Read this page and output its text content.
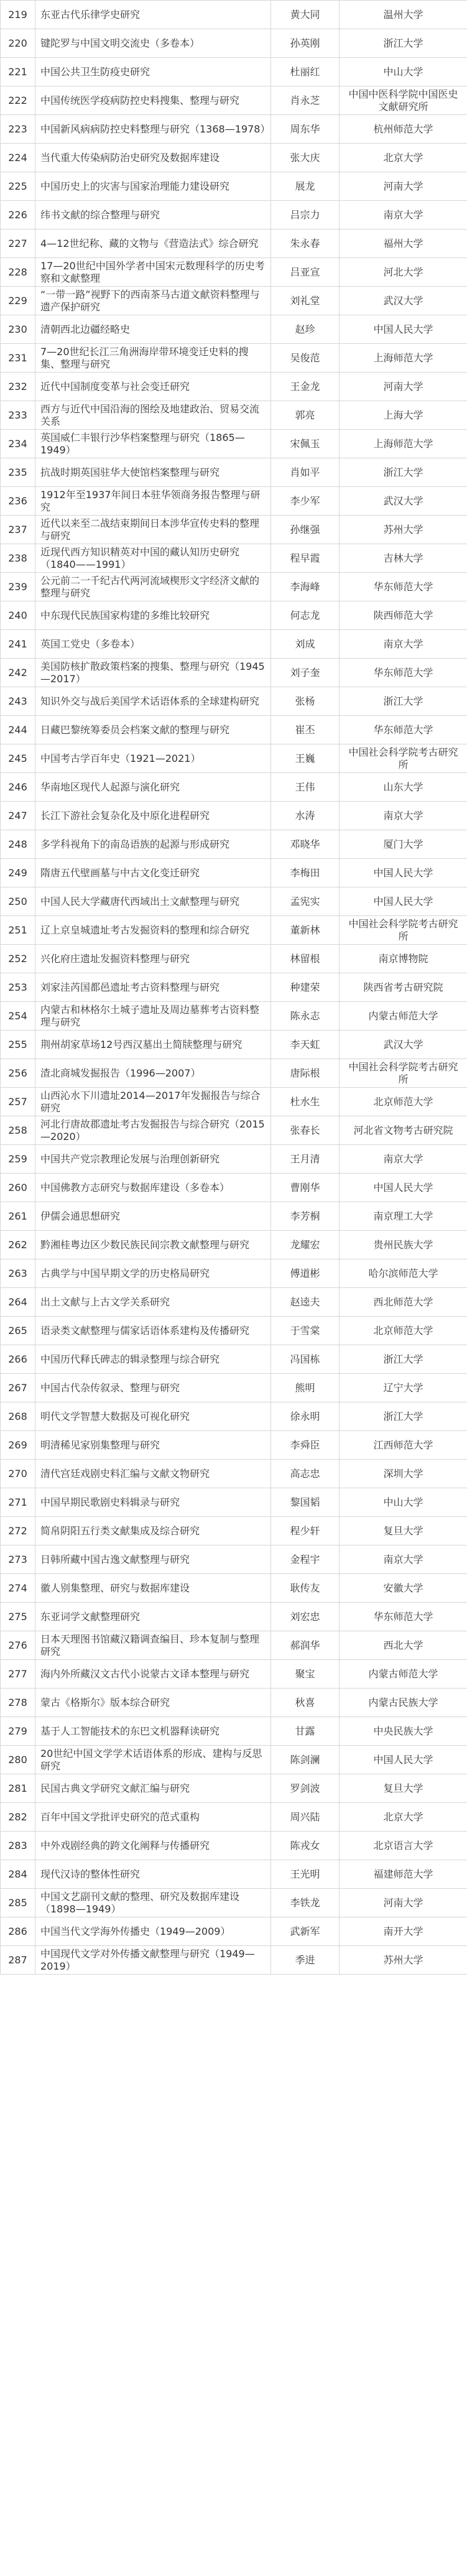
219	东亚古代乐律学史研究	黄大同	温州大学
220	键陀罗与中国文明交流史（多卷本）	孙英刚	浙江大学
221	中国公共卫生防疫史研究	杜丽红	中山大学
222	中国传统医学疫病防控史料搜集、整理与研究	肖永芝	中国中医科学院中国医史文献研究所
223	中国新风病病防控史料整理与研究（1368—1978）	周东华	杭州师范大学
224	当代重大传染病防治史研究及数据库建设	张大庆	北京大学
225	中国历史上的灾害与国家治理能力建设研究	展龙	河南大学
226	纬书文献的综合整理与研究	吕宗力	南京大学
227	4—12世纪称、藏的文物与《营造法式》综合研究	朱永春	福州大学
228	17—20世纪中国外学者中国宋元数理科学的历史考察和文献整理	吕亚宣	河北大学
229	“一带一路”视野下的西南茶马古道文献资料整理与遗产保护研究	刘礼堂	武汉大学
230	清朝西北边疆经略史	赵珍	中国人民大学
231	7—20世纪长江三角洲海岸带环境变迁史料的搜集、整理与研究	吴俊范	上海师范大学
232	近代中国制度变革与社会变迁研究	王金龙	河南大学
233	西方与近代中国沿海的图绘及地建政治、贸易交流关系	郭亮	上海大学
234	英国威仁丰银行沙华档案整理与研究（1865—1949）	宋佩玉	上海师范大学
235	抗战时期英国驻华大使馆档案整理与研究	肖如平	浙江大学
236	1912年至1937年间日本驻华领商务报告整理与研究	李少军	武汉大学
237	近代以来至二战结束期间日本涉华宣传史料的整理与研究	孙继强	苏州大学
238	近现代西方知识精英对中国的藏认知历史研究（1840——1991）	程早霞	吉林大学
239	公元前二一千纪古代两河流域楔形文字经济文献的整理与研究	李海峰	华东师范大学
240	中东现代民族国家构建的多维比较研究	何志龙	陕西师范大学
241	英国工党史（多卷本）	刘成	南京大学
242	美国防核扩散政策档案的搜集、整理与研究（1945—2017）	刘子奎	华东师范大学
243	知识外交与战后美国学术话语体系的全球建构研究	张杨	浙江大学
244	日藏巴黎统筹委员会档案文献的整理与研究	崔丕	华东师范大学
245	中国考古学百年史（1921—2021）	王巍	中国社会科学院考古研究所
246	华南地区现代人起源与演化研究	王伟	山东大学
247	长江下游社会复杂化及中原化进程研究	水涛	南京大学
248	多学科视角下的南岛语族的起源与形成研究	邓晓华	厦门大学
249	隋唐五代壁画墓与中古文化变迁研究	李梅田	中国人民大学
250	中国人民大学藏唐代西域出土文献整理与研究	孟宪实	中国人民大学
251	辽上京皇城遗址考古发掘资料的整理和综合研究	董新林	中国社会科学院考古研究所
252	兴化府庄遗址发掘资料整理与研究	林留根	南京博物院
253	刘家洼芮国都邑遗址考古资料整理与研究	种建荣	陕西省考古研究院
254	内蒙古和林格尔土城子遗址及周边墓葬考古资料整理与研究	陈永志	内蒙古师范大学
255	荆州胡家草场12号西汉墓出土简牍整理与研究	李天虹	武汉大学
256	渣北商城发掘报告（1996—2007）	唐际根	中国社会科学院考古研究所
257	山西沁水下川遗址2014—2017年发掘报告与综合研究	杜水生	北京师范大学
258	河北行唐故郡遗址考古发掘报告与综合研究（2015—2020）	张春长	河北省文物考古研究院
259	中国共产党宗教理论发展与治理创新研究	王月清	南京大学
260	中国佛教方志研究与数据库建设（多卷本）	曹刚华	中国人民大学
261	伊儒会通思想研究	李芳桐	南京理工大学
262	黔湘桂粤边区少数民族民间宗教文献整理与研究	龙耀宏	贵州民族大学
263	古典学与中国早期文学的历史格局研究	傅道彬	哈尔滨师范大学
264	出土文献与上古文学关系研究	赵逵夫	西北师范大学
265	语录类文献整理与儒家话语体系建构及传播研究	于雪棠	北京师范大学
266	中国历代释氏碑志的辑录整理与综合研究	冯国栋	浙江大学
267	中国古代杂传叙录、整理与研究	熊明	辽宁大学
268	明代文学智慧大数据及可视化研究	徐永明	浙江大学
269	明清稀见家别集整理与研究	李舜臣	江西师范大学
270	清代宫廷戏剧史料汇编与文献文物研究	高志忠	深圳大学
271	中国早期民歌剧史料辑录与研究	黎国韬	中山大学
272	简帛阴阳五行类文献集成及综合研究	程少轩	复旦大学
273	日韩所藏中国古逸文献整理与研究	金程宇	南京大学
274	徽人别集整理、研究与数据库建设	耿传友	安徽大学
275	东亚词学文献整理研究	刘宏忠	华东师范大学
276	日本天理图书馆藏汉籍调查编目、珍本复制与整理研究	郝润华	西北大学
277	海内外所藏汉文古代小说蒙古文译本整理与研究	聚宝	内蒙古师范大学
278	蒙古《格斯尔》版本综合研究	秋喜	内蒙古民族大学
279	基于人工智能技术的东巴文机器释读研究	甘露	中央民族大学
280	20世纪中国文学学术话语体系的形成、建构与反思研究	陈剑澜	中国人民大学
281	民国古典文学研究文献汇编与研究	罗剑波	复旦大学
282	百年中国文学批评史研究的范式重构	周兴陆	北京大学
283	中外戏剧经典的跨文化阐释与传播研究	陈戎女	北京语言大学
284	现代汉诗的整体性研究	王光明	福建师范大学
285	中国文艺副刊文献的整理、研究及数据库建设（1898—1949）	李铁龙	河南大学
286	中国当代文学海外传播史（1949—2009）	武新军	南开大学
287	中国现代文学对外传播文献整理与研究（1949—2019）	季进	苏州大学
